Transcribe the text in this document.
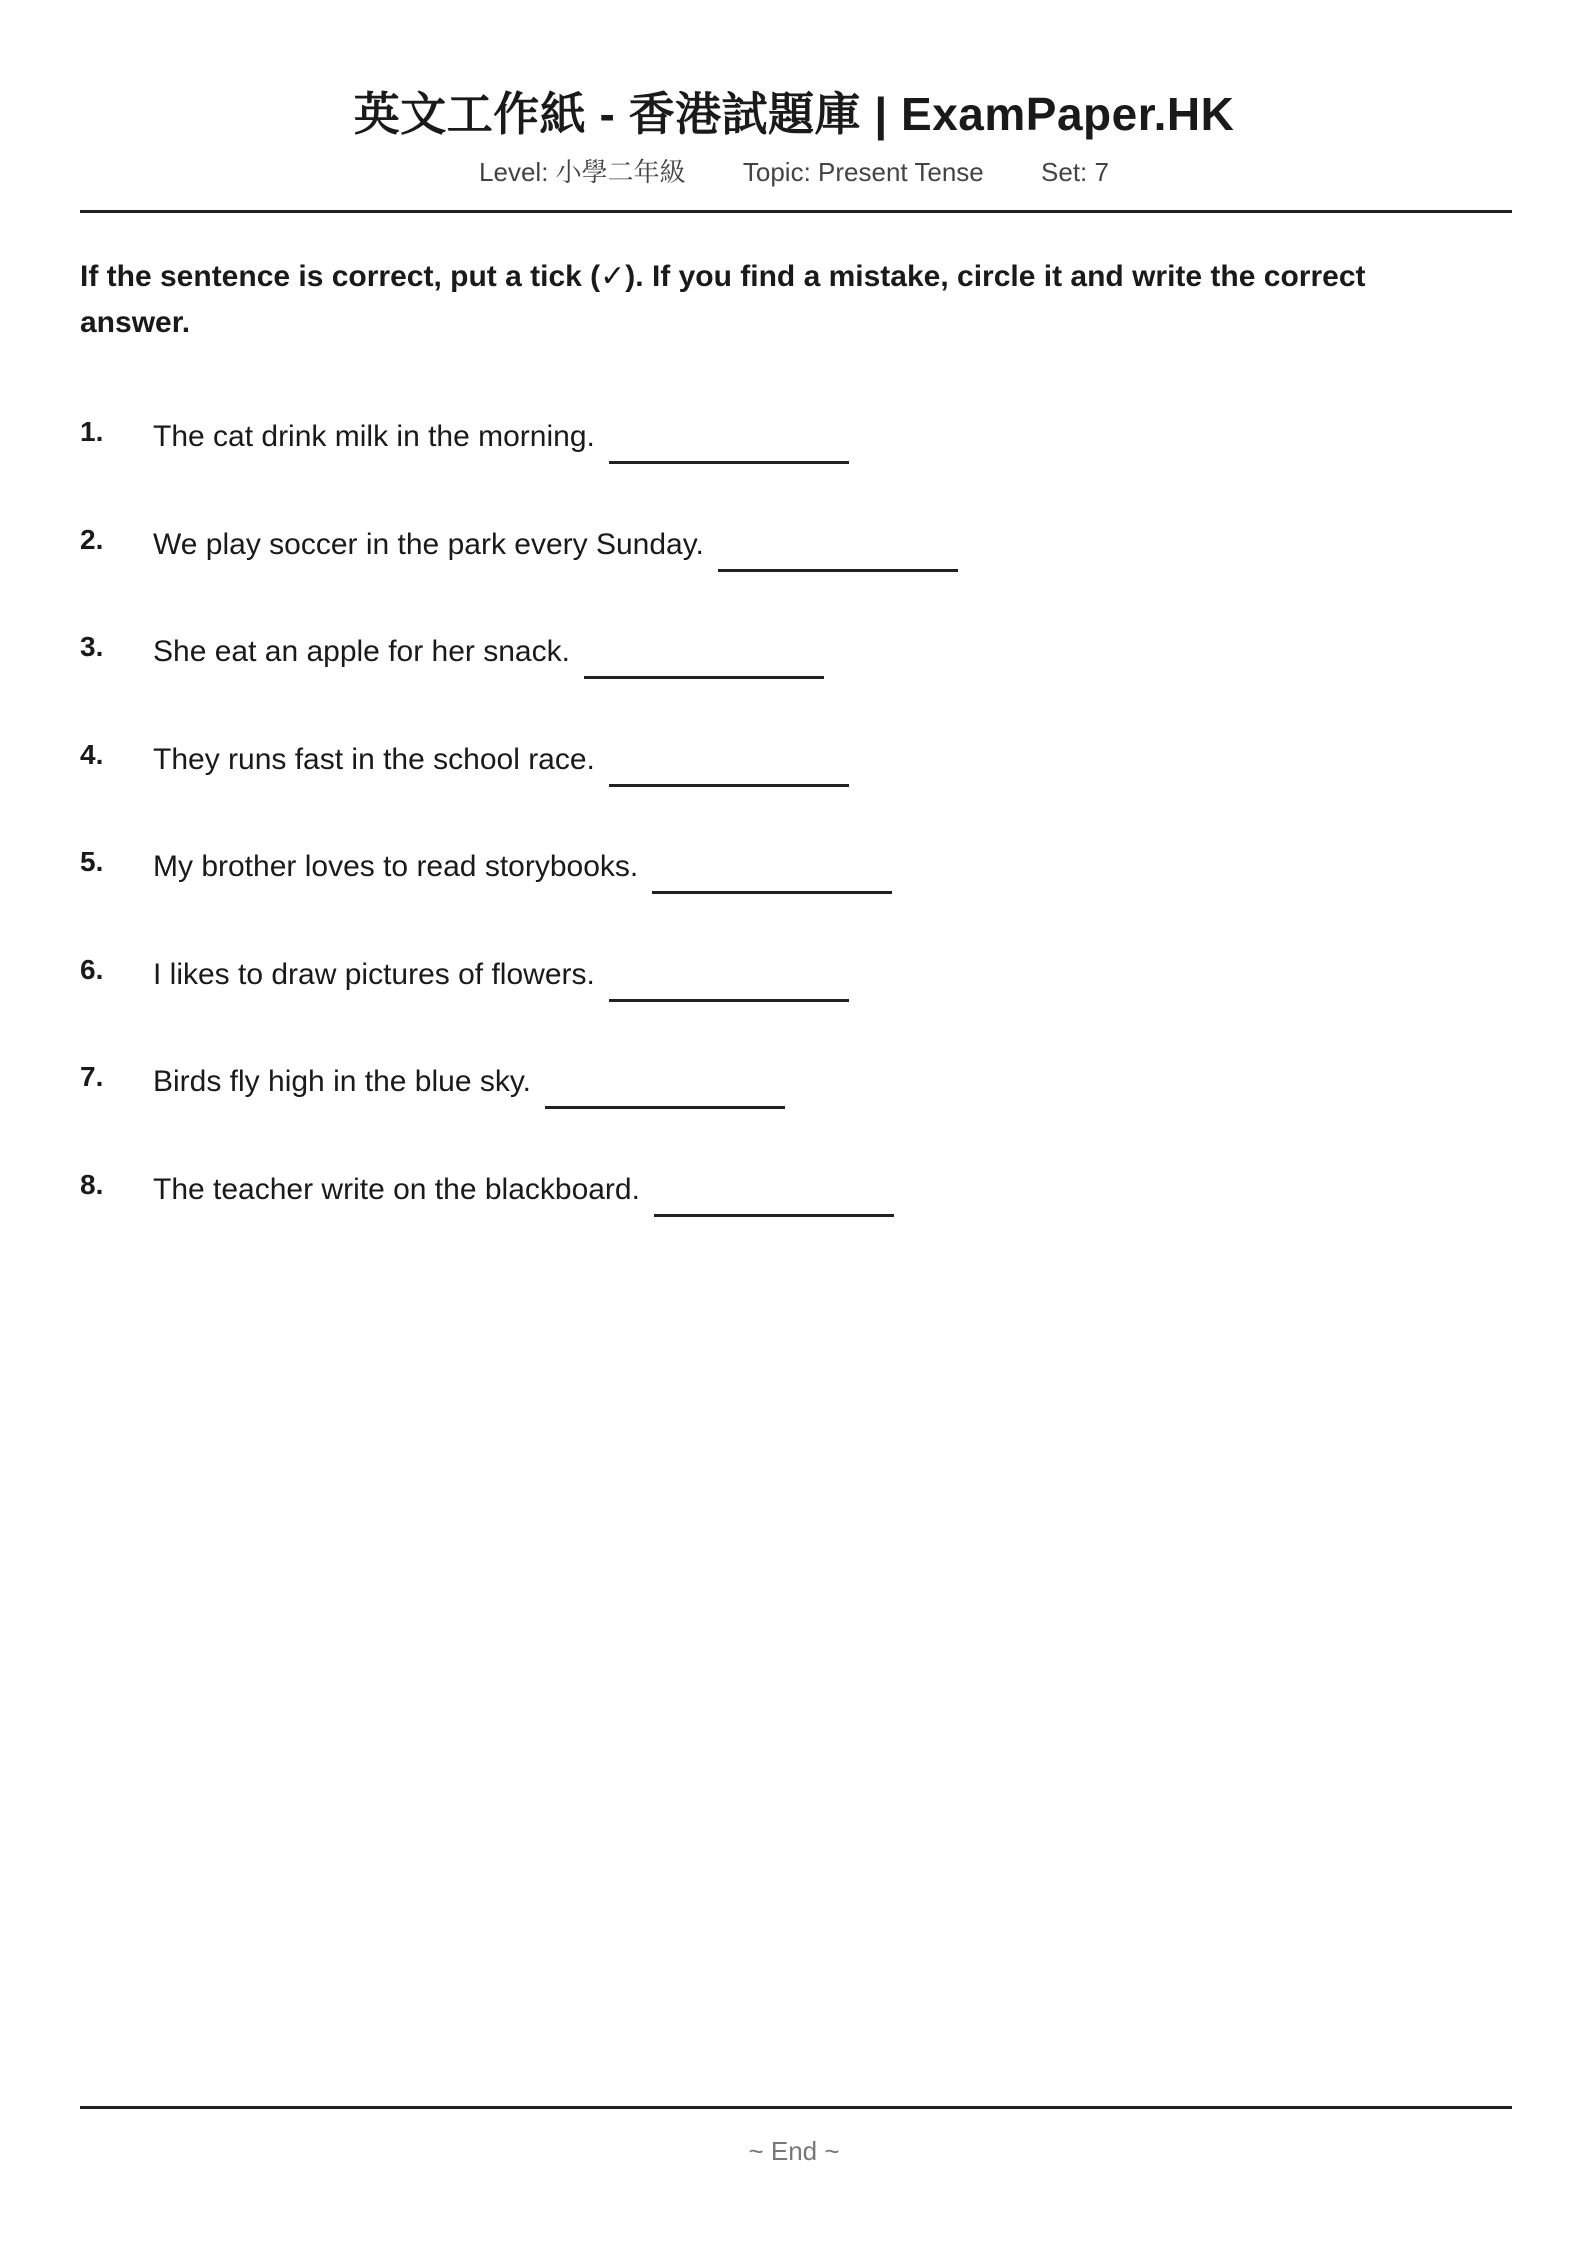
英文工作紙 - 香港試題庫 | ExamPaper.HK
Level: 小學二年級 Topic: Present Tense Set: 7
If the sentence is correct, put a tick (✓). If you find a mistake, circle it and write the correct answer.
1. The cat drink milk in the morning.
2. We play soccer in the park every Sunday.
3. She eat an apple for her snack.
4. They runs fast in the school race.
5. My brother loves to read storybooks.
6. I likes to draw pictures of flowers.
7. Birds fly high in the blue sky.
8. The teacher write on the blackboard.
~ End ~
